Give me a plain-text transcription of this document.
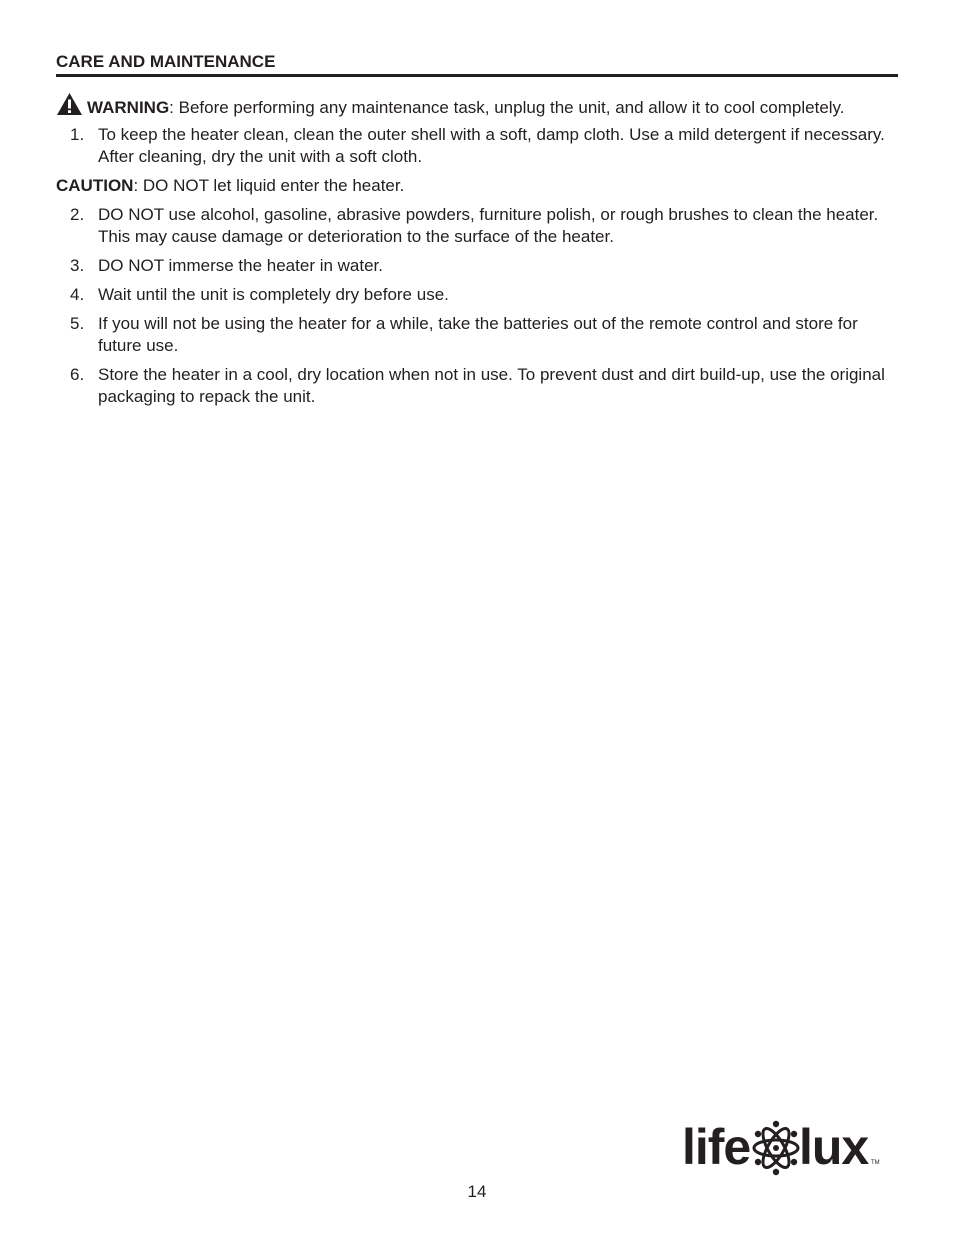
CARE AND MAINTENANCE

WARNING: Before performing any maintenance task, unplug the unit, and allow it to cool completely.

1. To keep the heater clean, clean the outer shell with a soft, damp cloth. Use a mild detergent if necessary. After cleaning, dry the unit with a soft cloth.

CAUTION: DO NOT let liquid enter the heater.

2. DO NOT use alcohol, gasoline, abrasive powders, furniture polish, or rough brushes to clean the heater. This may cause damage or deterioration to the surface of the heater.
3. DO NOT immerse the heater in water.
4. Wait until the unit is completely dry before use.
5. If you will not be using the heater for a while, take the batteries out of the remote control and store for future use.
6. Store the heater in a cool, dry location when not in use. To prevent dust and dirt build-up, use the original packaging to repack the unit.
life lux TM
14
